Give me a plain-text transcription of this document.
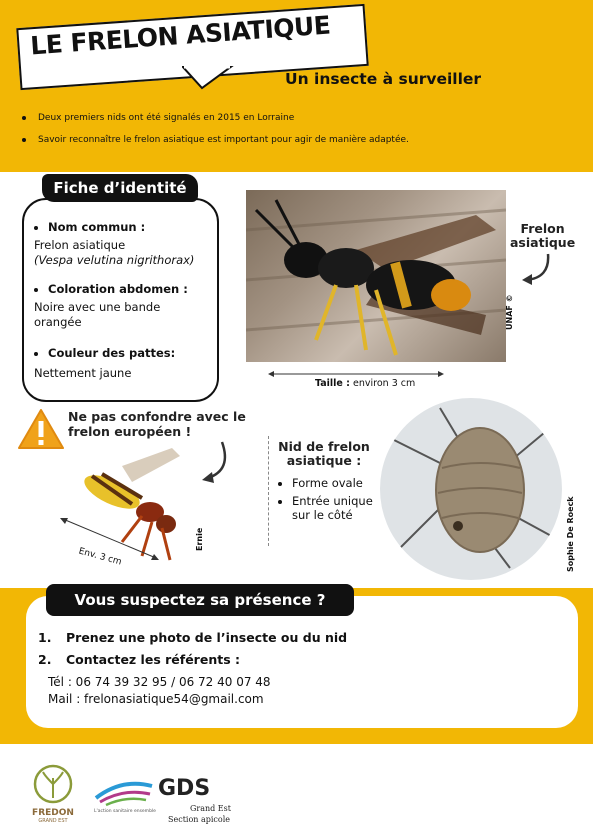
LE FRELON ASIATIQUE
Un insecte à surveiller
Deux premiers nids ont été signalés en 2015 en Lorraine
Savoir reconnaître le frelon asiatique est important pour agir de manière adaptée.
Fiche d’identité
Nom commun :
Frelon asiatique
(Vespa velutina nigrithorax)
Coloration abdomen :
Noire avec une bande
orangée
Couleur des pattes:
Nettement jaune
Frelon
asiatique
UNAF ©
Taille : environ 3 cm
Ne pas confondre avec le
frelon européen !
Env. 3 cm
Ernie
Nid de frelon
asiatique :
Forme ovale
Entrée unique
sur le côté	Sophie De Roeck
Vous suspectez sa présence ?
1. Prenez une photo de l’insecte ou du nid
2. Contactez les référents :
Tél : 06 74 39 32 95 / 06 72 40 07 48
Mail : frelonasiatique54@gmail.com
FREDON
GRAND EST
L'action sanitaire ensemble
GDS
Grand Est
Section apicole
